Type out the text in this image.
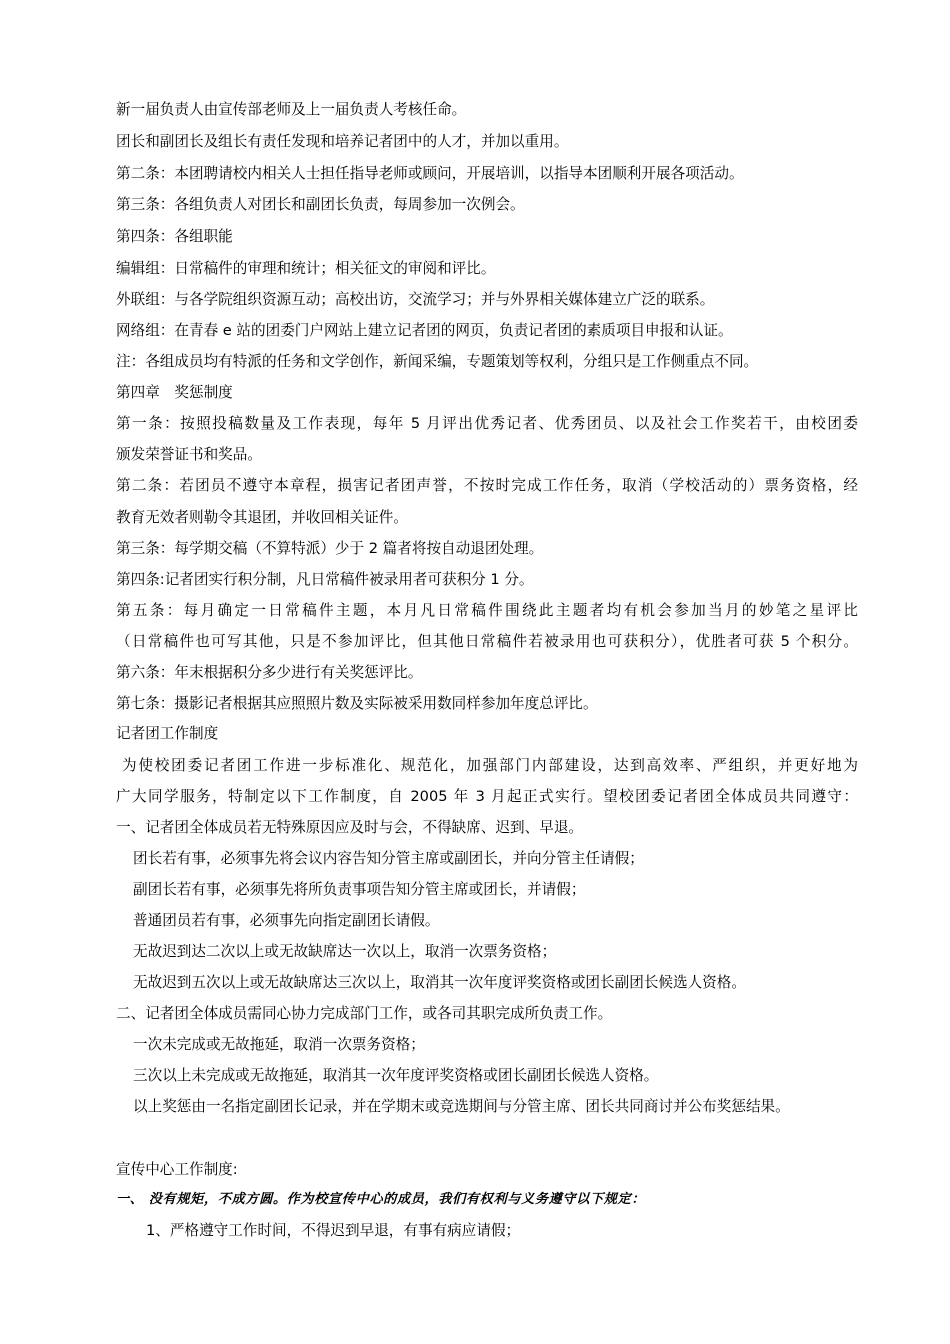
新一届负责人由宣传部老师及上一届负责人考核任命。
团长和副团长及组长有责任发现和培养记者团中的人才，并加以重用。
第二条：本团聘请校内相关人士担任指导老师或顾问，开展培训，以指导本团顺利开展各项活动。
第三条：各组负责人对团长和副团长负责，每周参加一次例会。
第四条：各组职能
编辑组：日常稿件的审理和统计；相关征文的审阅和评比。
外联组：与各学院组织资源互动；高校出访，交流学习；并与外界相关媒体建立广泛的联系。
网络组：在青春 e 站的团委门户网站上建立记者团的网页，负责记者团的素质项目申报和认证。
注：各组成员均有特派的任务和文学创作，新闻采编，专题策划等权利，分组只是工作侧重点不同。
第四章　奖惩制度
第一条：按照投稿数量及工作表现，每年 5 月评出优秀记者、优秀团员、以及社会工作奖若干，由校团委
颁发荣誉证书和奖品。
第二条：若团员不遵守本章程，损害记者团声誉，不按时完成工作任务，取消（学校活动的）票务资格，经
教育无效者则勒令其退团，并收回相关证件。
第三条：每学期交稿（不算特派）少于 2 篇者将按自动退团处理。
第四条:记者团实行积分制，凡日常稿件被录用者可获积分 1 分。
第五条：每月确定一日常稿件主题，本月凡日常稿件围绕此主题者均有机会参加当月的妙笔之星评比
（日常稿件也可写其他，只是不参加评比，但其他日常稿件若被录用也可获积分），优胜者可获 5 个积分。
第六条：年末根据积分多少进行有关奖惩评比。
第七条：摄影记者根据其应照照片数及实际被采用数同样参加年度总评比。
记者团工作制度
为使校团委记者团工作进一步标准化、规范化，加强部门内部建设，达到高效率、严组织，并更好地为
广大同学服务，特制定以下工作制度，自 2005 年 3 月起正式实行。望校团委记者团全体成员共同遵守：
一、记者团全体成员若无特殊原因应及时与会，不得缺席、迟到、早退。
团长若有事，必须事先将会议内容告知分管主席或副团长，并向分管主任请假；
副团长若有事，必须事先将所负责事项告知分管主席或团长，并请假；
普通团员若有事，必须事先向指定副团长请假。
无故迟到达二次以上或无故缺席达一次以上，取消一次票务资格；
无故迟到五次以上或无故缺席达三次以上，取消其一次年度评奖资格或团长副团长候选人资格。
二、记者团全体成员需同心协力完成部门工作，或各司其职完成所负责工作。
一次未完成或无故拖延，取消一次票务资格；
三次以上未完成或无故拖延，取消其一次年度评奖资格或团长副团长候选人资格。
以上奖惩由一名指定副团长记录，并在学期末或竞选期间与分管主席、团长共同商讨并公布奖惩结果。
宣传中心工作制度:
一、 没有规矩，不成方圆。作为校宣传中心的成员，我们有权利与义务遵守以下规定：
1、严格遵守工作时间，不得迟到早退，有事有病应请假；
